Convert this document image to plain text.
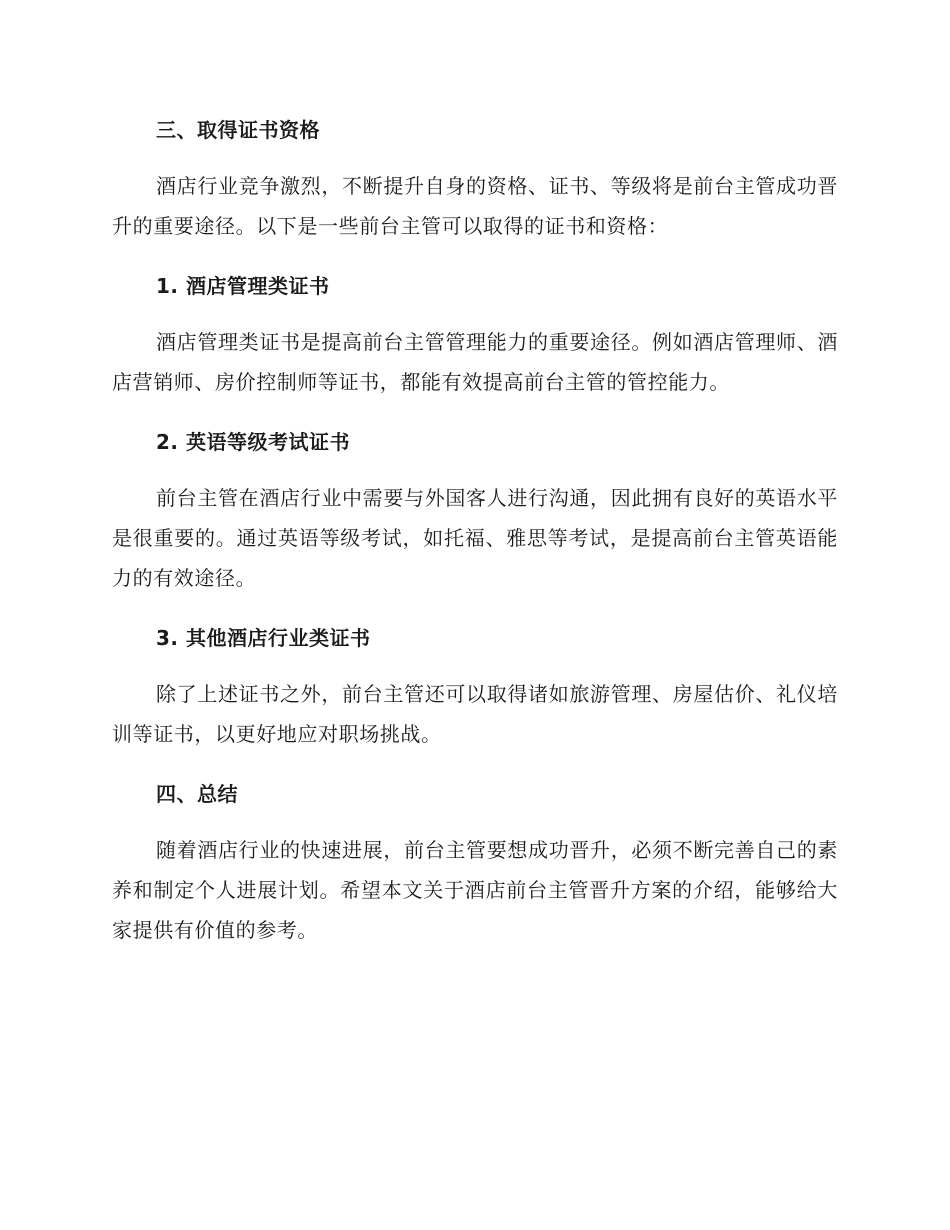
三、取得证书资格

酒店行业竞争激烈，不断提升自身的资格、证书、等级将是前台主管成功晋升的重要途径。以下是一些前台主管可以取得的证书和资格：

1. 酒店管理类证书

酒店管理类证书是提高前台主管管理能力的重要途径。例如酒店管理师、酒店营销师、房价控制师等证书，都能有效提高前台主管的管控能力。

2. 英语等级考试证书

前台主管在酒店行业中需要与外国客人进行沟通，因此拥有良好的英语水平是很重要的。通过英语等级考试，如托福、雅思等考试，是提高前台主管英语能力的有效途径。

3. 其他酒店行业类证书

除了上述证书之外，前台主管还可以取得诸如旅游管理、房屋估价、礼仪培训等证书，以更好地应对职场挑战。

四、总结

随着酒店行业的快速进展，前台主管要想成功晋升，必须不断完善自己的素养和制定个人进展计划。希望本文关于酒店前台主管晋升方案的介绍，能够给大家提供有价值的参考。
